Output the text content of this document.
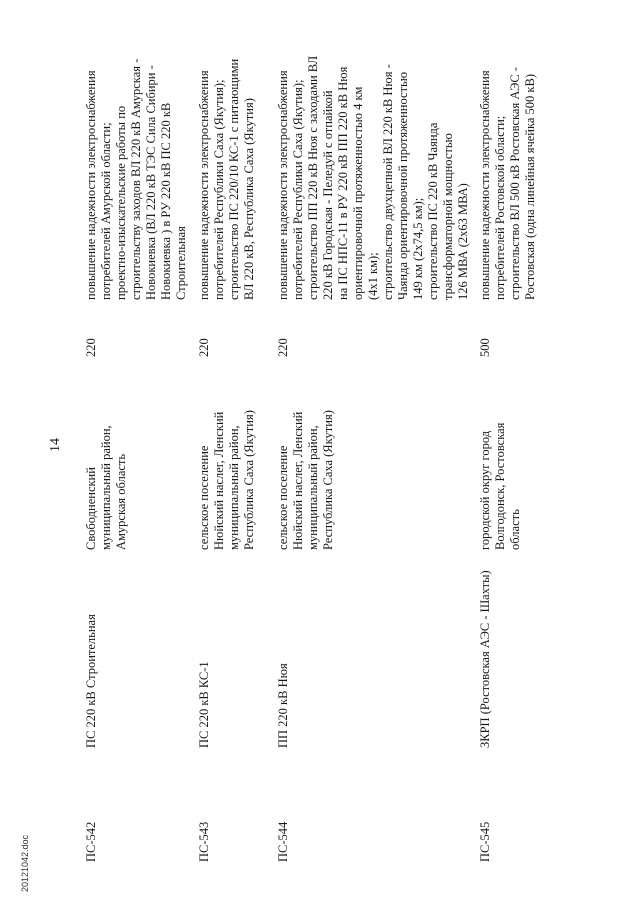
14
20121042.doc	ПС-542
ПС 220 кВ Строительная
Свободненский муниципальный район, Амурская область
220
повышение надежности электроснабжения потребителей Амурской области; проектно-изыскательские работы по строительству заходов ВЛ 220 кВ Амурская - Новокиевка (ВЛ 220 кВ ТЭС Сила Сибири - Новокиевка ) в РУ 220 кВ ПС 220 кВ Строительная
ПС-543
ПС 220 кВ КС-1
сельское поселение Нюйский наслег, Ленский муниципальный район, Республика Саха (Якутия)
220
повышение надежности электроснабжения потребителей Республики Саха (Якутия); строительство ПС 220/10 КС-1 с питающими ВЛ 220 кВ, Республика Саха (Якутия)
ПС-544
ПП 220 кВ Нюя
сельское поселение Нюйский наслег, Ленский муниципальный район, Республика Саха (Якутия)
220
повышение надежности электроснабжения потребителей Республики Саха (Якутия); строительство ПП 220 кВ Нюя с заходами ВЛ 220 кВ Городская - Пеледуй с отпайкой на ПС НПС-11 в РУ 220 кВ ПП 220 кВ Нюя ориентировочной протяженностью 4 км (4х1 км); строительство двухцепной ВЛ 220 кВ Нюя - Чаянда ориентировочной протяженностью 149 км (2х74,5 км); строительство ПС 220 кВ Чаянда трансформаторной мощностью 126 МВА (2х63 МВА)
ПС-545
ЗКРП (Ростовская АЭС - Шахты)
городской округ город Волгодонск, Ростовская область
500
повышение надежности электроснабжения потребителей Ростовской области; строительство ВЛ 500 кВ Ростовская АЭС - Ростовская (одна линейная ячейка 500 кВ)
